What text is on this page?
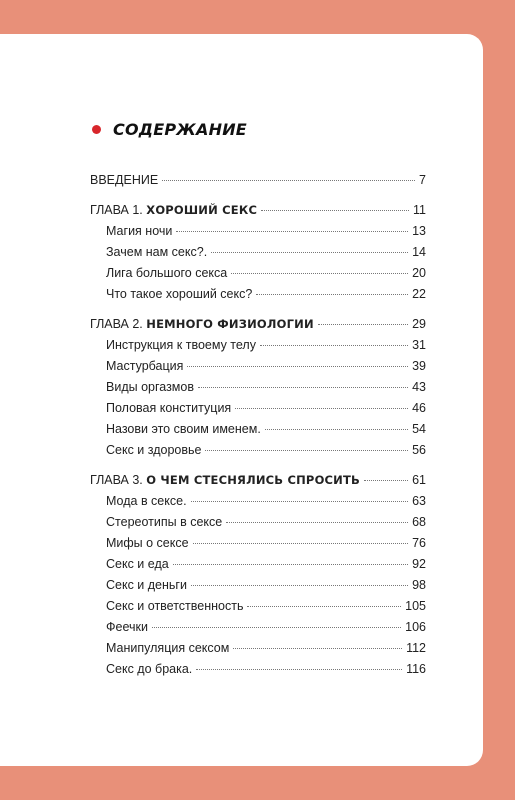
СОДЕРЖАНИЕ
ВВЕДЕНИЕ	7
ГЛАВА 1. ХОРОШИЙ СЕКС	11
Магия ночи	13
Зачем нам секс?.	14
Лига большого секса	20
Что такое хороший секс?	22
ГЛАВА 2. НЕМНОГО ФИЗИОЛОГИИ	29
Инструкция к твоему телу	31
Мастурбация	39
Виды оргазмов	43
Половая конституция	46
Назови это своим именем.	54
Секс и здоровье	56
ГЛАВА 3. О ЧЕМ СТЕСНЯЛИСЬ СПРОСИТЬ	61
Мода в сексе.	63
Стереотипы в сексе	68
Мифы о сексе	76
Секс и еда	92
Секс и деньги	98
Секс и ответственность	105
Феечки	106
Манипуляция сексом	112
Секс до брака.	116
